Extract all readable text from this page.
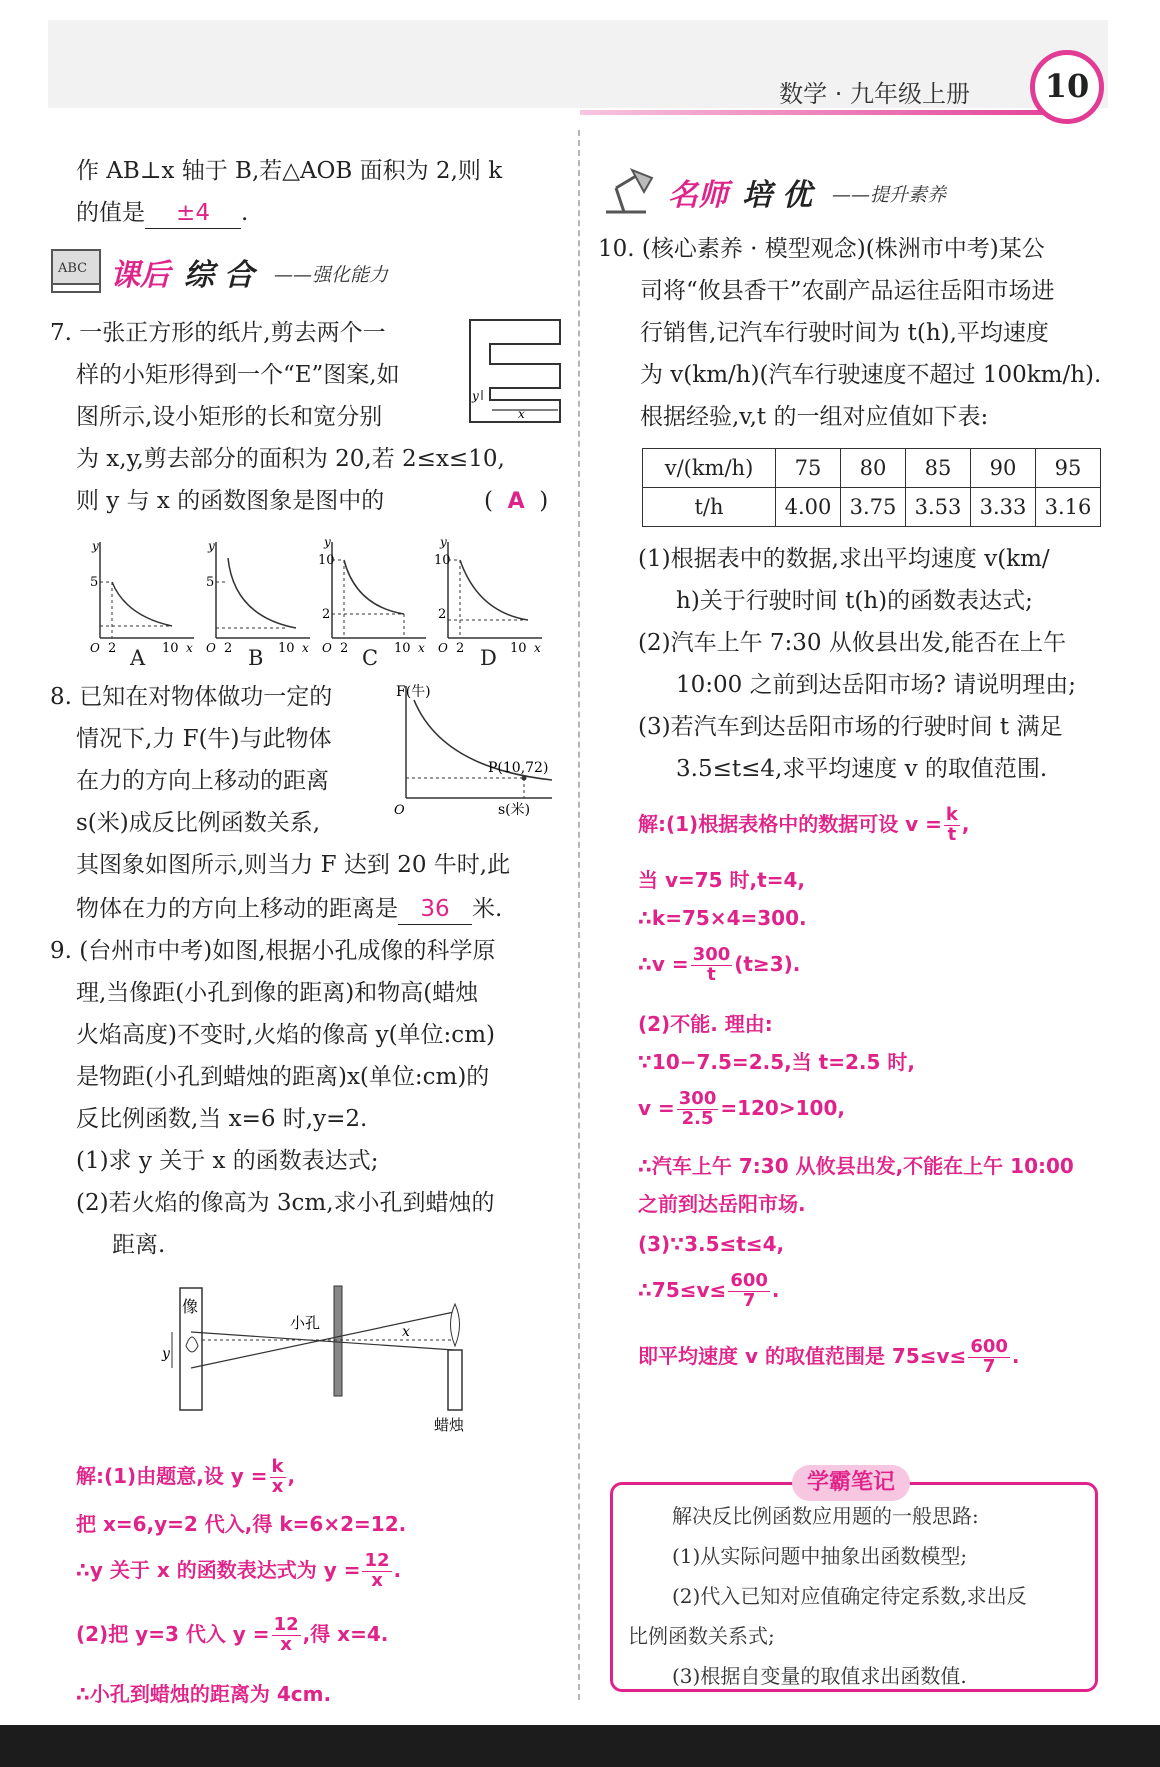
数学 · 九年级上册	10
作 AB⊥x 轴于 B,若△AOB 面积为 2,则 k
的值是 ±4 .
ABC 课后 综 合 ——强化能力
7. 一张正方形的纸片,剪去两个一
样的小矩形得到一个“E”图案,如
图所示,设小矩形的长和宽分别
为 x,y,剪去部分的面积为 20,若 2≤x≤10,
则 y 与 x 的函数图象是图中的	( A )
x
y
y
O
5
2	10 x
y
O
5
2	10 x
y
O
10
2
2	10 x
y
O
10
2
2	10 x
A	B	C	D
8. 已知在对物体做功一定的
情况下,力 F(牛)与此物体
在力的方向上移动的距离
s(米)成反比例函数关系,
其图象如图所示,则当力 F 达到 20 牛时,此
物体在力的方向上移动的距离是 36 米.
F(牛)
O	s(米)
P(10,72)
9. (台州市中考)如图,根据小孔成像的科学原
理,当像距(小孔到像的距离)和物高(蜡烛
火焰高度)不变时,火焰的像高 y(单位:cm)
是物距(小孔到蜡烛的距离)x(单位:cm)的
反比例函数,当 x=6 时,y=2.
(1)求 y 关于 x 的函数表达式;
(2)若火焰的像高为 3cm,求小孔到蜡烛的
距离.
像
小孔	x
y
蜡烛
解:(1)由题意,设 $y = \frac{k}{x}$ ,
把 x=6,y=2 代入,得 k=6×2=12.
∴y 关于 x 的函数表达式为 $y = \frac{12}{x}$ .
(2)把 y=3 代入 $y = \frac{12}{x}$ ,得 x=4.
∴小孔到蜡烛的距离为 4cm.
名师 培 优 ——提升素养
10. (核心素养 · 模型观念)(株洲市中考)某公
司将“攸县香干”农副产品运往岳阳市场进
行销售,记汽车行驶时间为 t(h),平均速度
为 v(km/h)(汽车行驶速度不超过 100km/h).
根据经验,v,t 的一组对应值如下表:
v/(km/h)	75	80	85	90	95
t/h	4.00	3.75	3.53	3.33	3.16
(1)根据表中的数据,求出平均速度 v(km/
h)关于行驶时间 t(h)的函数表达式;
(2)汽车上午 7:30 从攸县出发,能否在上午
10:00 之前到达岳阳市场? 请说明理由;
(3)若汽车到达岳阳市场的行驶时间 t 满足
3.5≤t≤4,求平均速度 v 的取值范围.
解:(1)根据表格中的数据可设 $v = \frac{k}{t}$ ,
当 v=75 时,t=4,
∴k=75×4=300.
∴v = $\frac{300}{t} (t\ge 3)$.
(2)不能. 理由:
∵10−7.5=2.5,当 t=2.5 时,
$v = \frac{300}{2.5} =120>100$,
∴汽车上午 7:30 从攸县出发,不能在上午 10:00
之前到达岳阳市场.
(3)∵3.5≤t≤4,
∴75≤v≤ $\frac{600}{7}$ .
即平均速度 v 的取值范围是 $75\le v\le \frac{600}{7}$ .
学霸笔记
解决反比例函数应用题的一般思路:
(1)从实际问题中抽象出函数模型;
(2)代入已知对应值确定待定系数,求出反
比例函数关系式;
(3)根据自变量的取值求出函数值.
